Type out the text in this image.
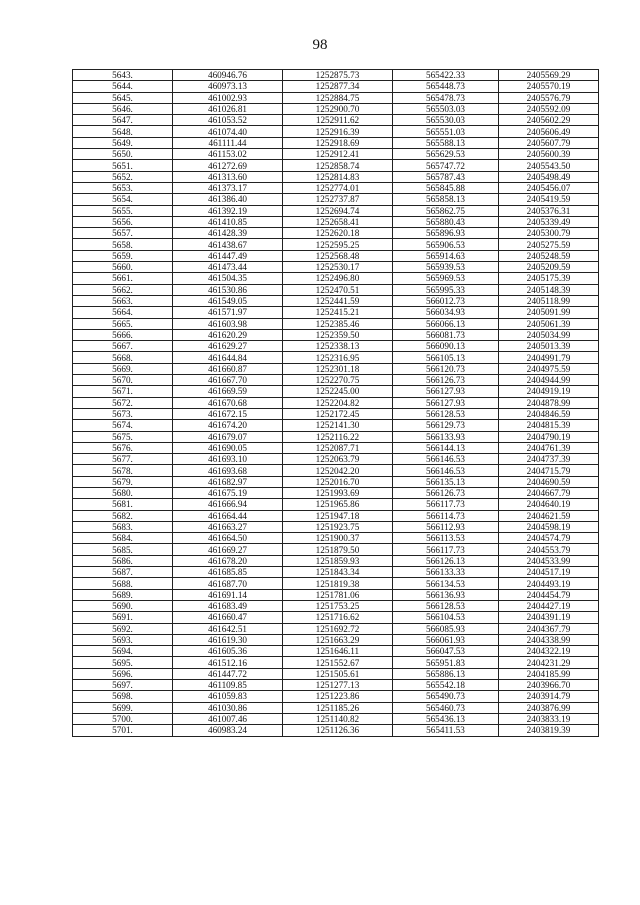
98
5643.	460946.76	1252875.73	565422.33	2405569.29
5644.	460973.13	1252877.34	565448.73	2405570.19
5645.	461002.93	1252884.75	565478.73	2405576.79
5646.	461026.81	1252900.70	565503.03	2405592.09
5647.	461053.52	1252911.62	565530.03	2405602.29
5648.	461074.40	1252916.39	565551.03	2405606.49
5649.	461111.44	1252918.69	565588.13	2405607.79
5650.	461153.02	1252912.41	565629.53	2405600.39
5651.	461272.69	1252858.74	565747.72	2405543.50
5652.	461313.60	1252814.83	565787.43	2405498.49
5653.	461373.17	1252774.01	565845.88	2405456.07
5654.	461386.40	1252737.87	565858.13	2405419.59
5655.	461392.19	1252694.74	565862.75	2405376.31
5656.	461410.85	1252658.41	565880.43	2405339.49
5657.	461428.39	1252620.18	565896.93	2405300.79
5658.	461438.67	1252595.25	565906.53	2405275.59
5659.	461447.49	1252568.48	565914.63	2405248.59
5660.	461473.44	1252530.17	565939.53	2405209.59
5661.	461504.35	1252496.80	565969.53	2405175.39
5662.	461530.86	1252470.51	565995.33	2405148.39
5663.	461549.05	1252441.59	566012.73	2405118.99
5664.	461571.97	1252415.21	566034.93	2405091.99
5665.	461603.98	1252385.46	566066.13	2405061.39
5666.	461620.29	1252359.50	566081.73	2405034.99
5667.	461629.27	1252338.13	566090.13	2405013.39
5668.	461644.84	1252316.95	566105.13	2404991.79
5669.	461660.87	1252301.18	566120.73	2404975.59
5670.	461667.70	1252270.75	566126.73	2404944.99
5671.	461669.59	1252245.00	566127.93	2404919.19
5672.	461670.68	1252204.82	566127.93	2404878.99
5673.	461672.15	1252172.45	566128.53	2404846.59
5674.	461674.20	1252141.30	566129.73	2404815.39
5675.	461679.07	1252116.22	566133.93	2404790.19
5676.	461690.05	1252087.71	566144.13	2404761.39
5677.	461693.10	1252063.79	566146.53	2404737.39
5678.	461693.68	1252042.20	566146.53	2404715.79
5679.	461682.97	1252016.70	566135.13	2404690.59
5680.	461675.19	1251993.69	566126.73	2404667.79
5681.	461666.94	1251965.86	566117.73	2404640.19
5682.	461664.44	1251947.18	566114.73	2404621.59
5683.	461663.27	1251923.75	566112.93	2404598.19
5684.	461664.50	1251900.37	566113.53	2404574.79
5685.	461669.27	1251879.50	566117.73	2404553.79
5686.	461678.20	1251859.93	566126.13	2404533.99
5687.	461685.85	1251843.34	566133.33	2404517.19
5688.	461687.70	1251819.38	566134.53	2404493.19
5689.	461691.14	1251781.06	566136.93	2404454.79
5690.	461683.49	1251753.25	566128.53	2404427.19
5691.	461660.47	1251716.62	566104.53	2404391.19
5692.	461642.51	1251692.72	566085.93	2404367.79
5693.	461619.30	1251663.29	566061.93	2404338.99
5694.	461605.36	1251646.11	566047.53	2404322.19
5695.	461512.16	1251552.67	565951.83	2404231.29
5696.	461447.72	1251505.61	565886.13	2404185.99
5697.	461109.85	1251277.13	565542.18	2403966.70
5698.	461059.83	1251223.86	565490.73	2403914.79
5699.	461030.86	1251185.26	565460.73	2403876.99
5700.	461007.46	1251140.82	565436.13	2403833.19
5701.	460983.24	1251126.36	565411.53	2403819.39
